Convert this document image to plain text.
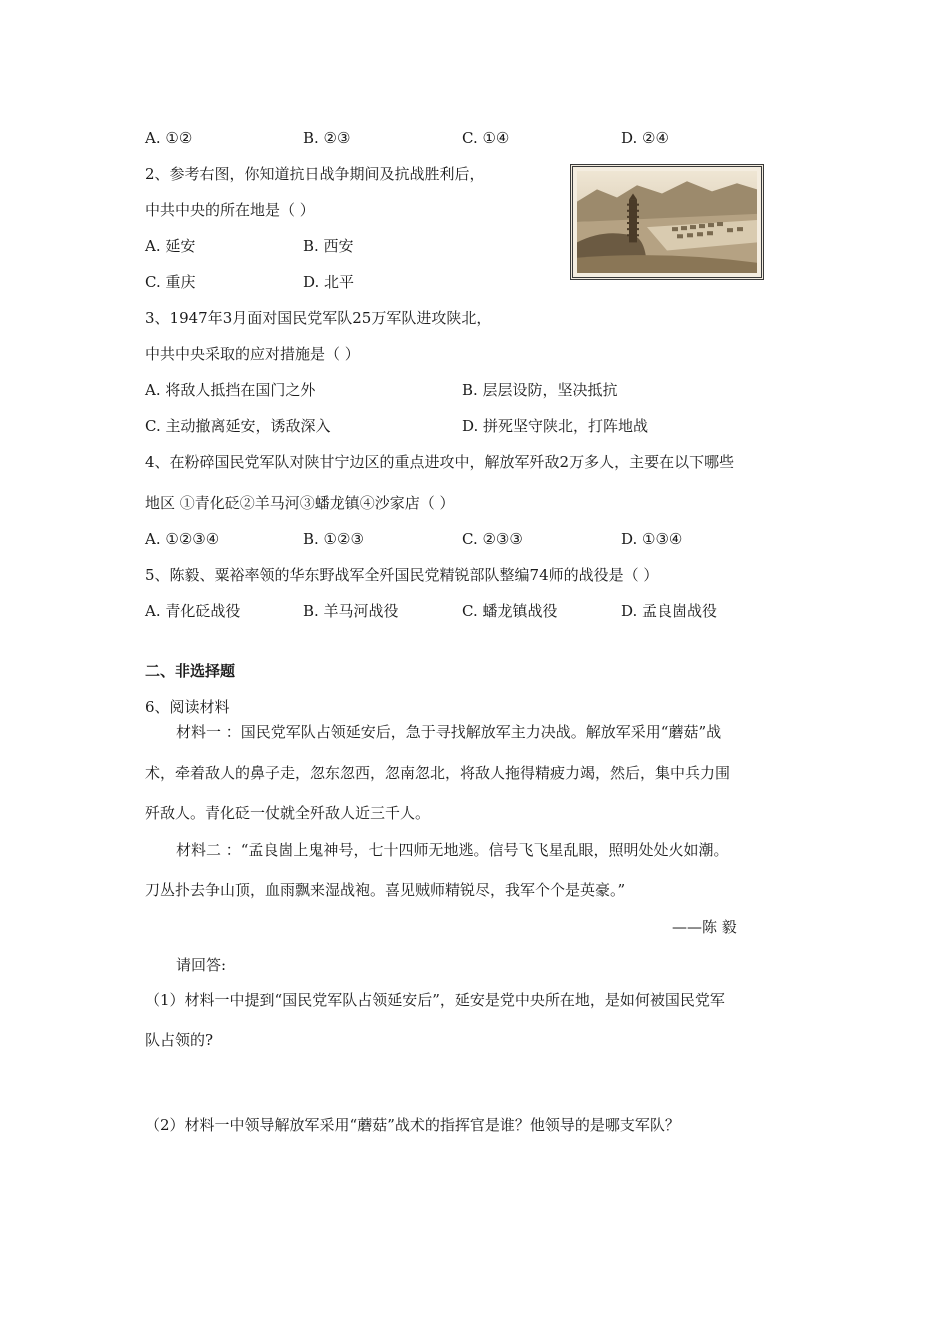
A. ①②	B. ②③	C. ①④	D. ②④
2、参考右图，你知道抗日战争期间及抗战胜利后，
中共中央的所在地是（ ）
A. 延安	B. 西安
C. 重庆	D. 北平
3、1947年3月面对国民党军队25万军队进攻陕北，
中共中央采取的应对措施是（ ）
A. 将敌人抵挡在国门之外	B. 层层设防，坚决抵抗
C. 主动撤离延安，诱敌深入	D. 拼死坚守陕北，打阵地战
4、在粉碎国民党军队对陕甘宁边区的重点进攻中，解放军歼敌2万多人，主要在以下哪些
地区 ①青化砭②羊马河③蟠龙镇④沙家店（ ）
A. ①②③④	B. ①②③	C. ②③③	D. ①③④
5、陈毅、粟裕率领的华东野战军全歼国民党精锐部队整编74师的战役是（ ）
A. 青化砭战役	B. 羊马河战役	C. 蟠龙镇战役	D. 孟良崮战役
二、非选择题
6、阅读材料
材料一 ：国民党军队占领延安后，急于寻找解放军主力决战。解放军采用“蘑菇”战
术，牵着敌人的鼻子走，忽东忽西，忽南忽北，将敌人拖得精疲力竭，然后，集中兵力围
歼敌人。青化砭一仗就全歼敌人近三千人。
材料二 ：“孟良崮上鬼神号，七十四师无地逃。信号飞飞星乱眼，照明处处火如潮。
刀丛扑去争山顶，血雨飘来湿战袍。喜见贼师精锐尽，我军个个是英豪。”
——陈 毅
请回答:
（1）材料一中提到“国民党军队占领延安后”，延安是党中央所在地，是如何被国民党军
队占领的?
（2）材料一中领导解放军采用“蘑菇”战术的指挥官是谁？他领导的是哪支军队？
